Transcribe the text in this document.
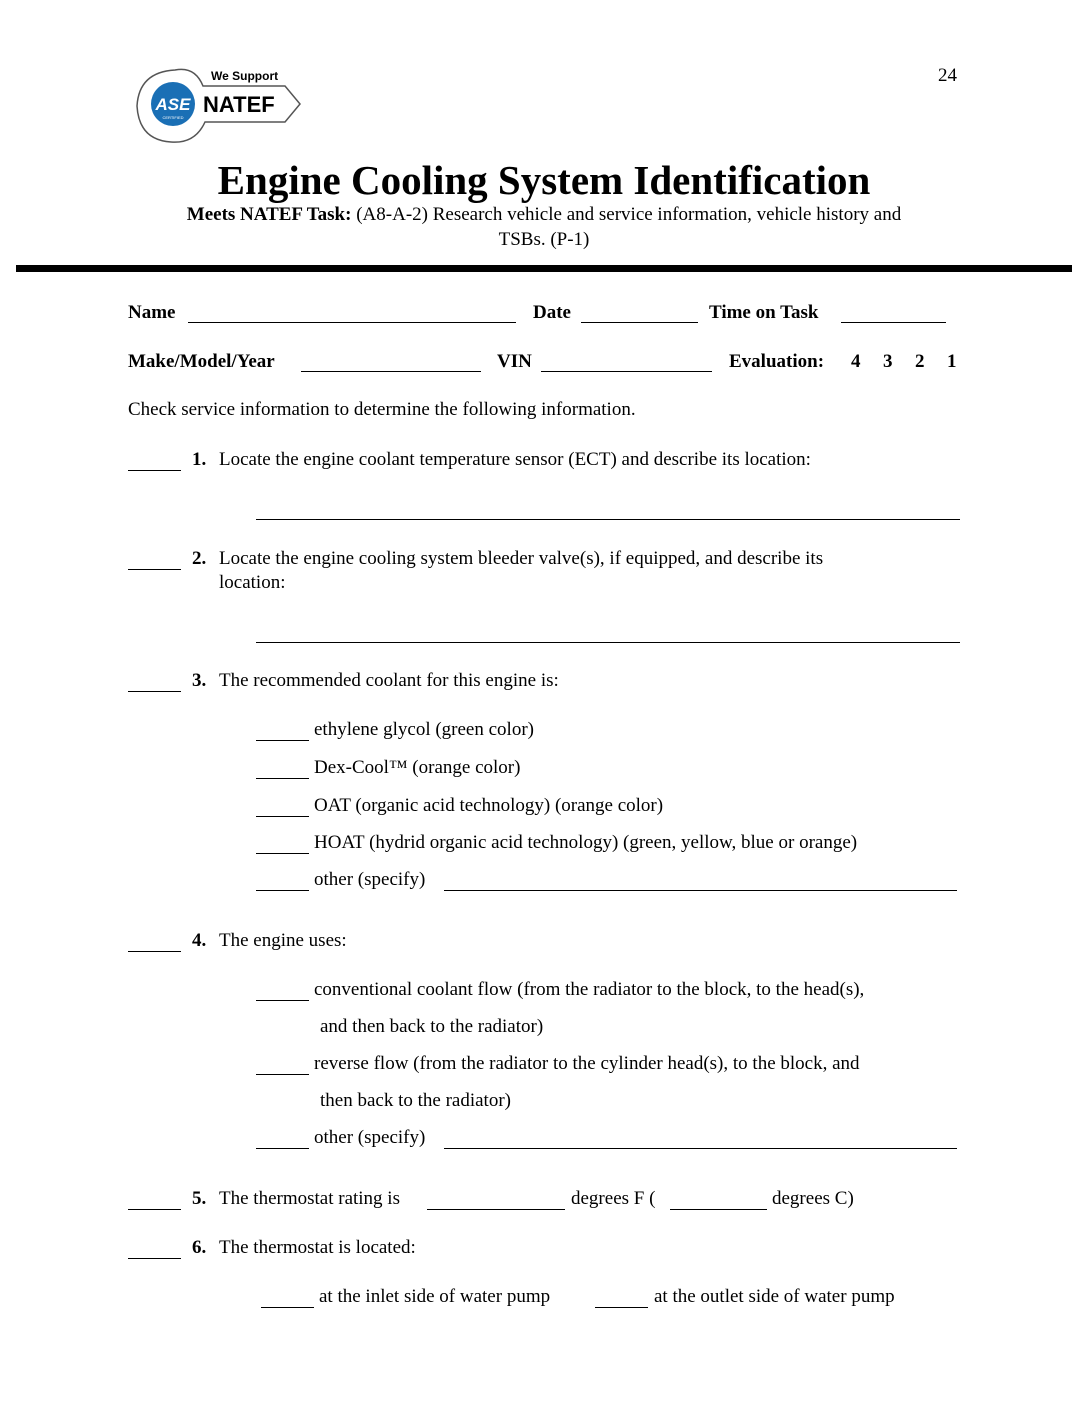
24
ASE
CERTIFIED
We Support
NATEF
Engine Cooling System Identification
Meets NATEF Task: (A8-A-2) Research vehicle and service information, vehicle history and
TSBs. (P-1)
Name	Date	Time on Task
Make/Model/Year	VIN	Evaluation: 4 3 2 1
Check service information to determine the following information.
1. Locate the engine coolant temperature sensor (ECT) and describe its location:
2. Locate the engine cooling system bleeder valve(s), if equipped, and describe its
location:
3. The recommended coolant for this engine is:
ethylene glycol (green color)
Dex-Cool™ (orange color)
OAT (organic acid technology) (orange color)
HOAT (hydrid organic acid technology) (green, yellow, blue or orange)
other (specify)
4. The engine uses:
conventional coolant flow (from the radiator to the block, to the head(s),
and then back to the radiator)
reverse flow (from the radiator to the cylinder head(s), to the block, and
then back to the radiator)
other (specify)
5. The thermostat rating is	degrees F (	degrees C)
6. The thermostat is located:
at the inlet side of water pump	at the outlet side of water pump
